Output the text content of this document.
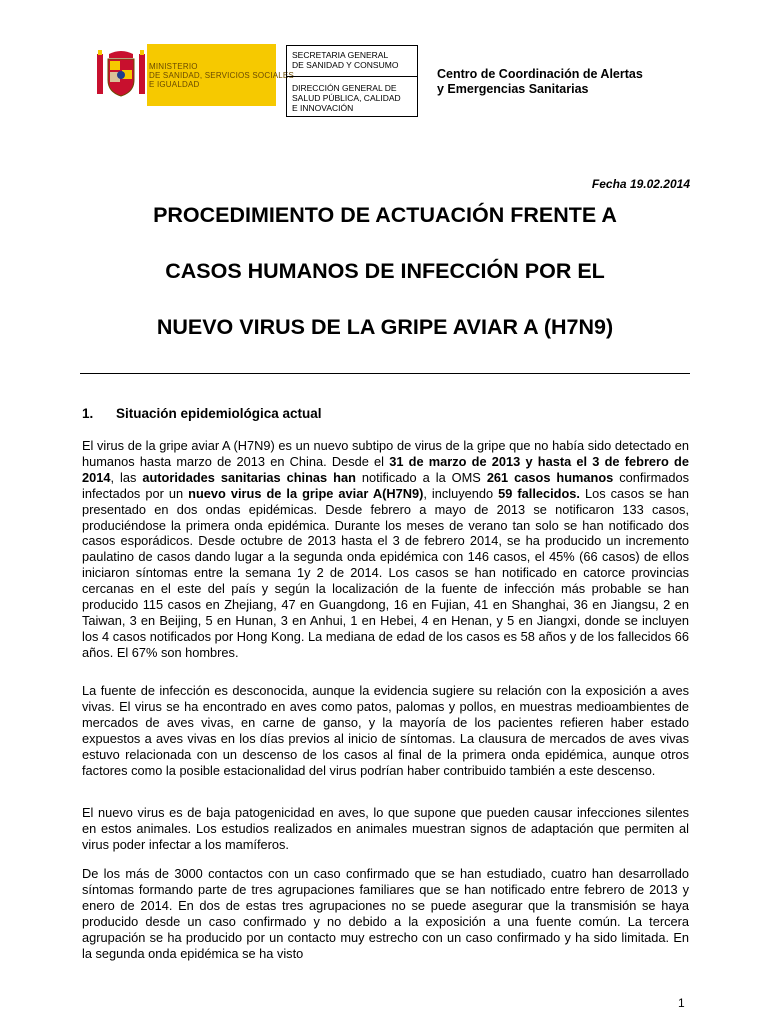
MINISTERIO
DE SANIDAD, SERVICIOS SOCIALES
E IGUALDAD
SECRETARIA GENERAL
DE SANIDAD Y CONSUMO
DIRECCIÓN GENERAL DE
SALUD PÚBLICA, CALIDAD
E INNOVACIÓN
Centro de Coordinación de Alertas
y Emergencias Sanitarias
Fecha 19.02.2014
PROCEDIMIENTO DE ACTUACIÓN FRENTE A
CASOS HUMANOS DE INFECCIÓN POR EL
NUEVO VIRUS DE LA GRIPE AVIAR A (H7N9)
1. Situación epidemiológica actual
El virus de la gripe aviar A (H7N9) es un nuevo subtipo de virus de la gripe que no había sido detectado en humanos hasta marzo de 2013 en China. Desde el 31 de marzo de 2013 y hasta el 3 de febrero de 2014, las autoridades sanitarias chinas han notificado a la OMS 261 casos humanos confirmados infectados por un nuevo virus de la gripe aviar A(H7N9), incluyendo 59 fallecidos. Los casos se han presentado en dos ondas epidémicas. Desde febrero a mayo de 2013 se notificaron 133 casos, produciéndose la primera onda epidémica. Durante los meses de verano tan solo se han notificado dos casos esporádicos. Desde octubre de 2013 hasta el 3 de febrero 2014, se ha producido un incremento paulatino de casos dando lugar a la segunda onda epidémica con 146 casos, el 45% (66 casos) de ellos iniciaron síntomas entre la semana 1y 2 de 2014. Los casos se han notificado en catorce provincias cercanas en el este del país y según la localización de la fuente de infección más probable se han producido 115 casos en Zhejiang, 47 en Guangdong, 16 en Fujian, 41 en Shanghai, 36 en Jiangsu, 2 en Taiwan, 3 en Beijing, 5 en Hunan, 3 en Anhui, 1 en Hebei, 4 en Henan, y 5 en Jiangxi, donde se incluyen los 4 casos notificados por Hong Kong. La mediana de edad de los casos es 58 años y de los fallecidos 66 años. El 67% son hombres.
La fuente de infección es desconocida, aunque la evidencia sugiere su relación con la exposición a aves vivas. El virus se ha encontrado en aves como patos, palomas y pollos, en muestras medioambientes de mercados de aves vivas, en carne de ganso, y la mayoría de los pacientes refieren haber estado expuestos a aves vivas en los días previos al inicio de síntomas. La clausura de mercados de aves vivas estuvo relacionada con un descenso de los casos al final de la primera onda epidémica, aunque otros factores como la posible estacionalidad del virus podrían haber contribuido también a este descenso.
El nuevo virus es de baja patogenicidad en aves, lo que supone que pueden causar infecciones silentes en estos animales. Los estudios realizados en animales muestran signos de adaptación que permiten al virus poder infectar a los mamíferos.
De los más de 3000 contactos con un caso confirmado que se han estudiado, cuatro han desarrollado síntomas formando parte de tres agrupaciones familiares que se han notificado entre febrero de 2013 y enero de 2014. En dos de estas tres agrupaciones no se puede asegurar que la transmisión se haya producido desde un caso confirmado y no debido a la exposición a una fuente común. La tercera agrupación se ha producido por un contacto muy estrecho con un caso confirmado y ha sido limitada. En la segunda onda epidémica se ha visto
1
